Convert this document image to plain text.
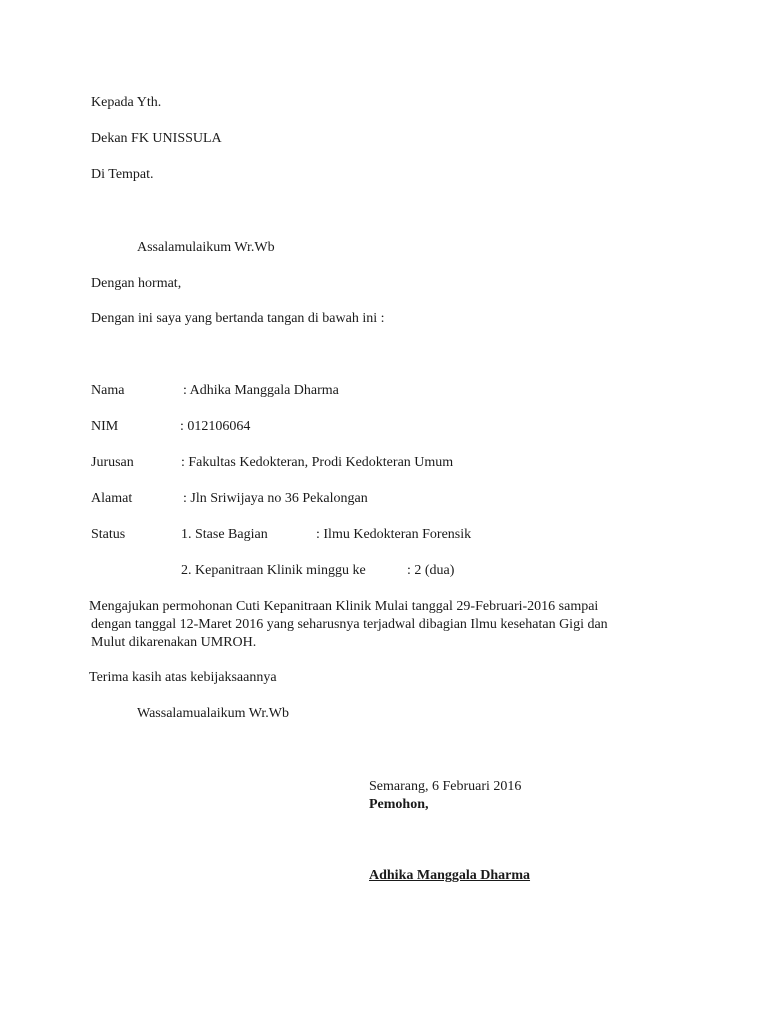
Kepada Yth.
Dekan FK UNISSULA
Di Tempat.
Assalamulaikum Wr.Wb
Dengan hormat,
Dengan ini saya yang bertanda tangan di bawah ini :
Nama	: Adhika Manggala Dharma
NIM	: 012106064
Jurusan	: Fakultas Kedokteran, Prodi Kedokteran Umum
Alamat	: Jln Sriwijaya no 36 Pekalongan
Status	1. Stase Bagian	: Ilmu Kedokteran Forensik
2. Kepanitraan Klinik minggu ke	: 2 (dua)
Mengajukan permohonan Cuti Kepanitraan Klinik Mulai tanggal 29-Februari-2016 sampai
dengan tanggal 12-Maret 2016 yang seharusnya terjadwal dibagian Ilmu kesehatan Gigi dan
Mulut dikarenakan UMROH.
Terima kasih atas kebijaksaannya
Wassalamualaikum Wr.Wb
Semarang, 6 Februari 2016
Pemohon,
Adhika Manggala Dharma
